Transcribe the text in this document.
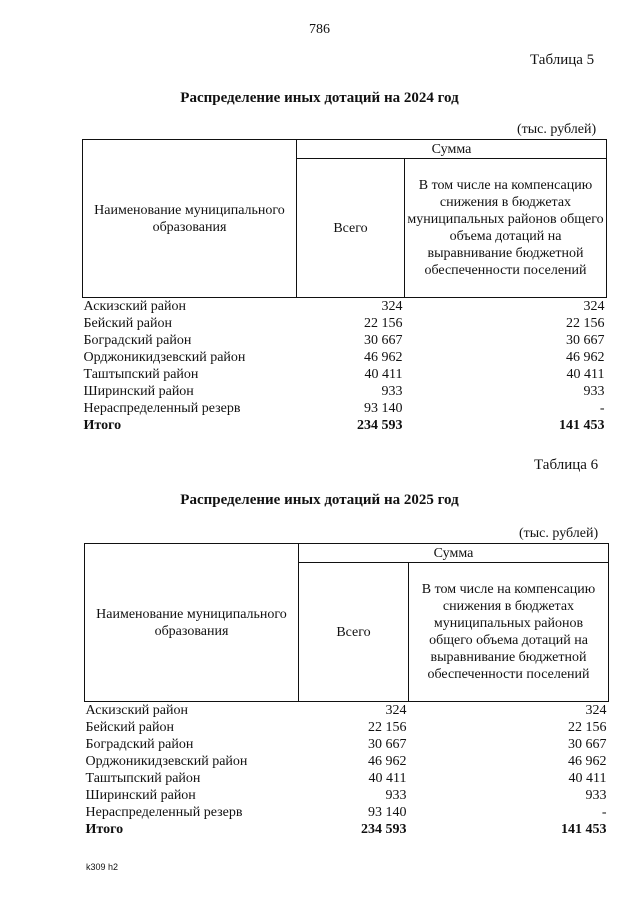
786
Таблица 5
Распределение иных дотаций на 2024 год
(тыс. рублей)
Наименование муниципального образования	Сумма	
	Всего	В том числе на компенсацию снижения в бюджетах муниципальных районов общего объема дотаций на выравнивание бюджетной обеспеченности поселений
Аскизский район	324	324
Бейский район	22 156	22 156
Боградский район	30 667	30 667
Орджоникидзевский район	46 962	46 962
Таштыпский район	40 411	40 411
Ширинский район	933	933
Нераспределенный резерв	93 140	-
Итого	234 593	141 453
Таблица 6
Распределение иных дотаций на 2025 год
(тыс. рублей)
Наименование муниципального образования	Сумма	
	Всего	В том числе на компенсацию снижения в бюджетах муниципальных районов общего объема дотаций на выравнивание бюджетной обеспеченности поселений
Аскизский район	324	324
Бейский район	22 156	22 156
Боградский район	30 667	30 667
Орджоникидзевский район	46 962	46 962
Таштыпский район	40 411	40 411
Ширинский район	933	933
Нераспределенный резерв	93 140	-
Итого	234 593	141 453
k309 h2
